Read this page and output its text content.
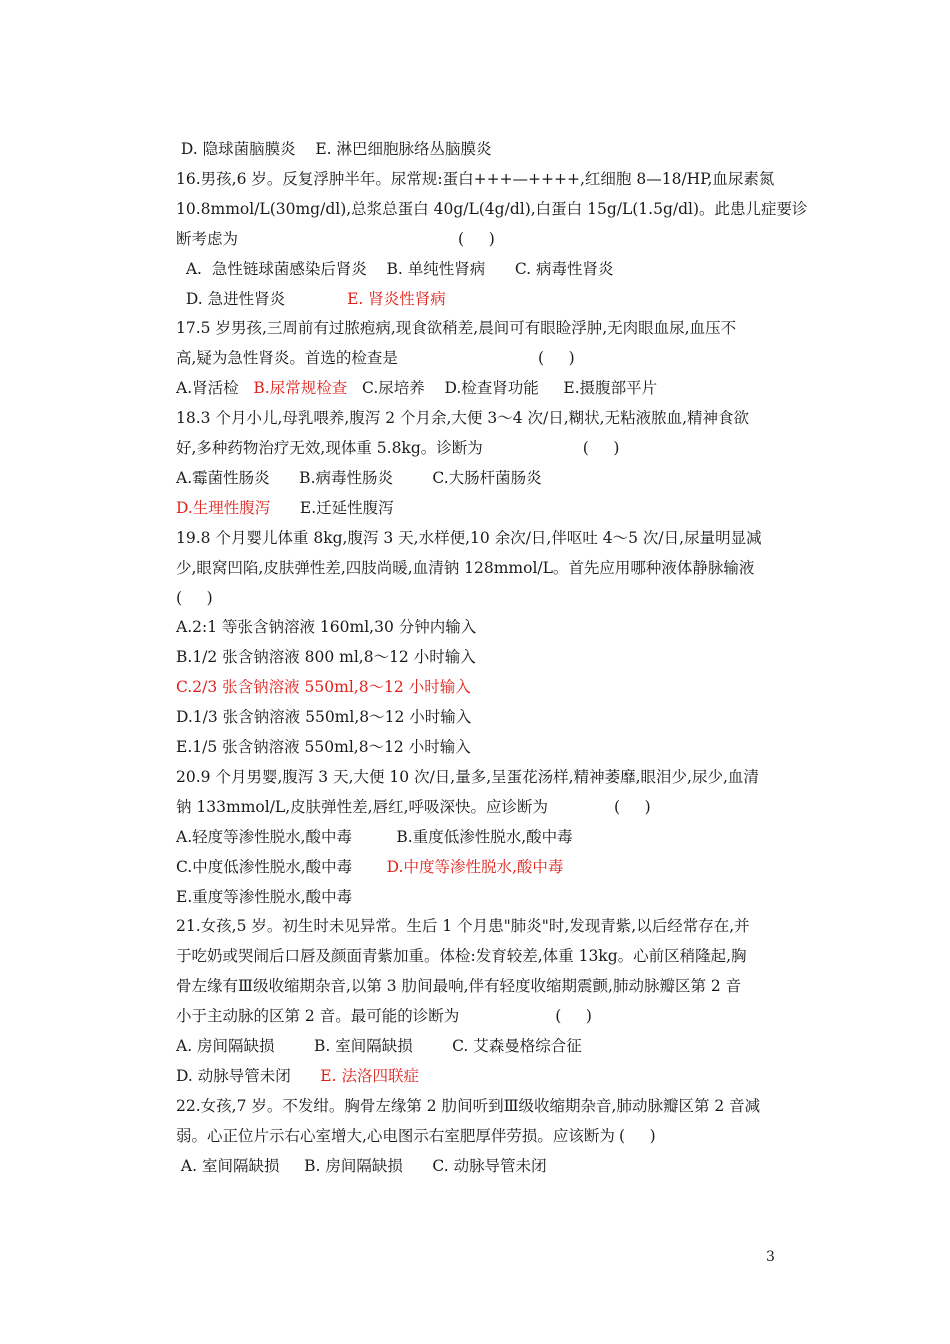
D. 隐球菌脑膜炎    E. 淋巴细胞脉络丛脑膜炎
16.男孩,6 岁。反复浮肿半年。尿常规:蛋白+++—++++,红细胞 8—18/HP,血尿素氮
10.8mmol/L(30mg/dl),总浆总蛋白 40g/L(4g/dl),白蛋白 15g/L(1.5g/dl)。此患儿症要诊
断考虑为	(     )
A.  急性链球菌感染后肾炎    B. 单纯性肾病      C. 病毒性肾炎
D. 急进性肾炎	E. 肾炎性肾病
17.5 岁男孩,三周前有过脓疱病,现食欲稍差,晨间可有眼睑浮肿,无肉眼血尿,血压不
高,疑为急性肾炎。首选的检查是	(     )
A.肾活检   B.尿常规检查   C.尿培养    D.检查肾功能     E.摄腹部平片
18.3 个月小儿,母乳喂养,腹泻 2 个月余,大便 3～4 次/日,糊状,无粘液脓血,精神食欲
好,多种药物治疗无效,现体重 5.8kg。诊断为	(     )
A.霉菌性肠炎      B.病毒性肠炎        C.大肠杆菌肠炎
D.生理性腹泻      E.迁延性腹泻
19.8 个月婴儿体重 8kg,腹泻 3 天,水样便,10 余次/日,伴呕吐 4～5 次/日,尿量明显减
少,眼窝凹陷,皮肤弹性差,四肢尚暖,血清钠 128mmol/L。首先应用哪种液体静脉输液
(     )
A.2:1 等张含钠溶液 160ml,30 分钟内输入
B.1/2 张含钠溶液 800 ml,8～12 小时输入
C.2/3 张含钠溶液 550ml,8～12 小时输入
D.1/3 张含钠溶液 550ml,8～12 小时输入
E.1/5 张含钠溶液 550ml,8～12 小时输入
20.9 个月男婴,腹泻 3 天,大便 10 次/日,量多,呈蛋花汤样,精神萎靡,眼泪少,尿少,血清
钠 133mmol/L,皮肤弹性差,唇红,呼吸深快。应诊断为	(     )
A.轻度等渗性脱水,酸中毒         B.重度低渗性脱水,酸中毒
C.中度低渗性脱水,酸中毒       D.中度等渗性脱水,酸中毒
E.重度等渗性脱水,酸中毒
21.女孩,5 岁。初生时未见异常。生后 1 个月患"肺炎"时,发现青紫,以后经常存在,并
于吃奶或哭闹后口唇及颜面青紫加重。体检:发育较差,体重 13kg。心前区稍隆起,胸
骨左缘有Ⅲ级收缩期杂音,以第 3 肋间最响,伴有轻度收缩期震颤,肺动脉瓣区第 2 音
小于主动脉的区第 2 音。最可能的诊断为	(     )
A. 房间隔缺损        B. 室间隔缺损        C. 艾森曼格综合征
D. 动脉导管未闭      E. 法洛四联症
22.女孩,7 岁。不发绀。胸骨左缘第 2 肋间听到Ⅲ级收缩期杂音,肺动脉瓣区第 2 音减
弱。心正位片示右心室增大,心电图示右室肥厚伴劳损。应该断为 (     )
A. 室间隔缺损     B. 房间隔缺损      C. 动脉导管未闭
3
